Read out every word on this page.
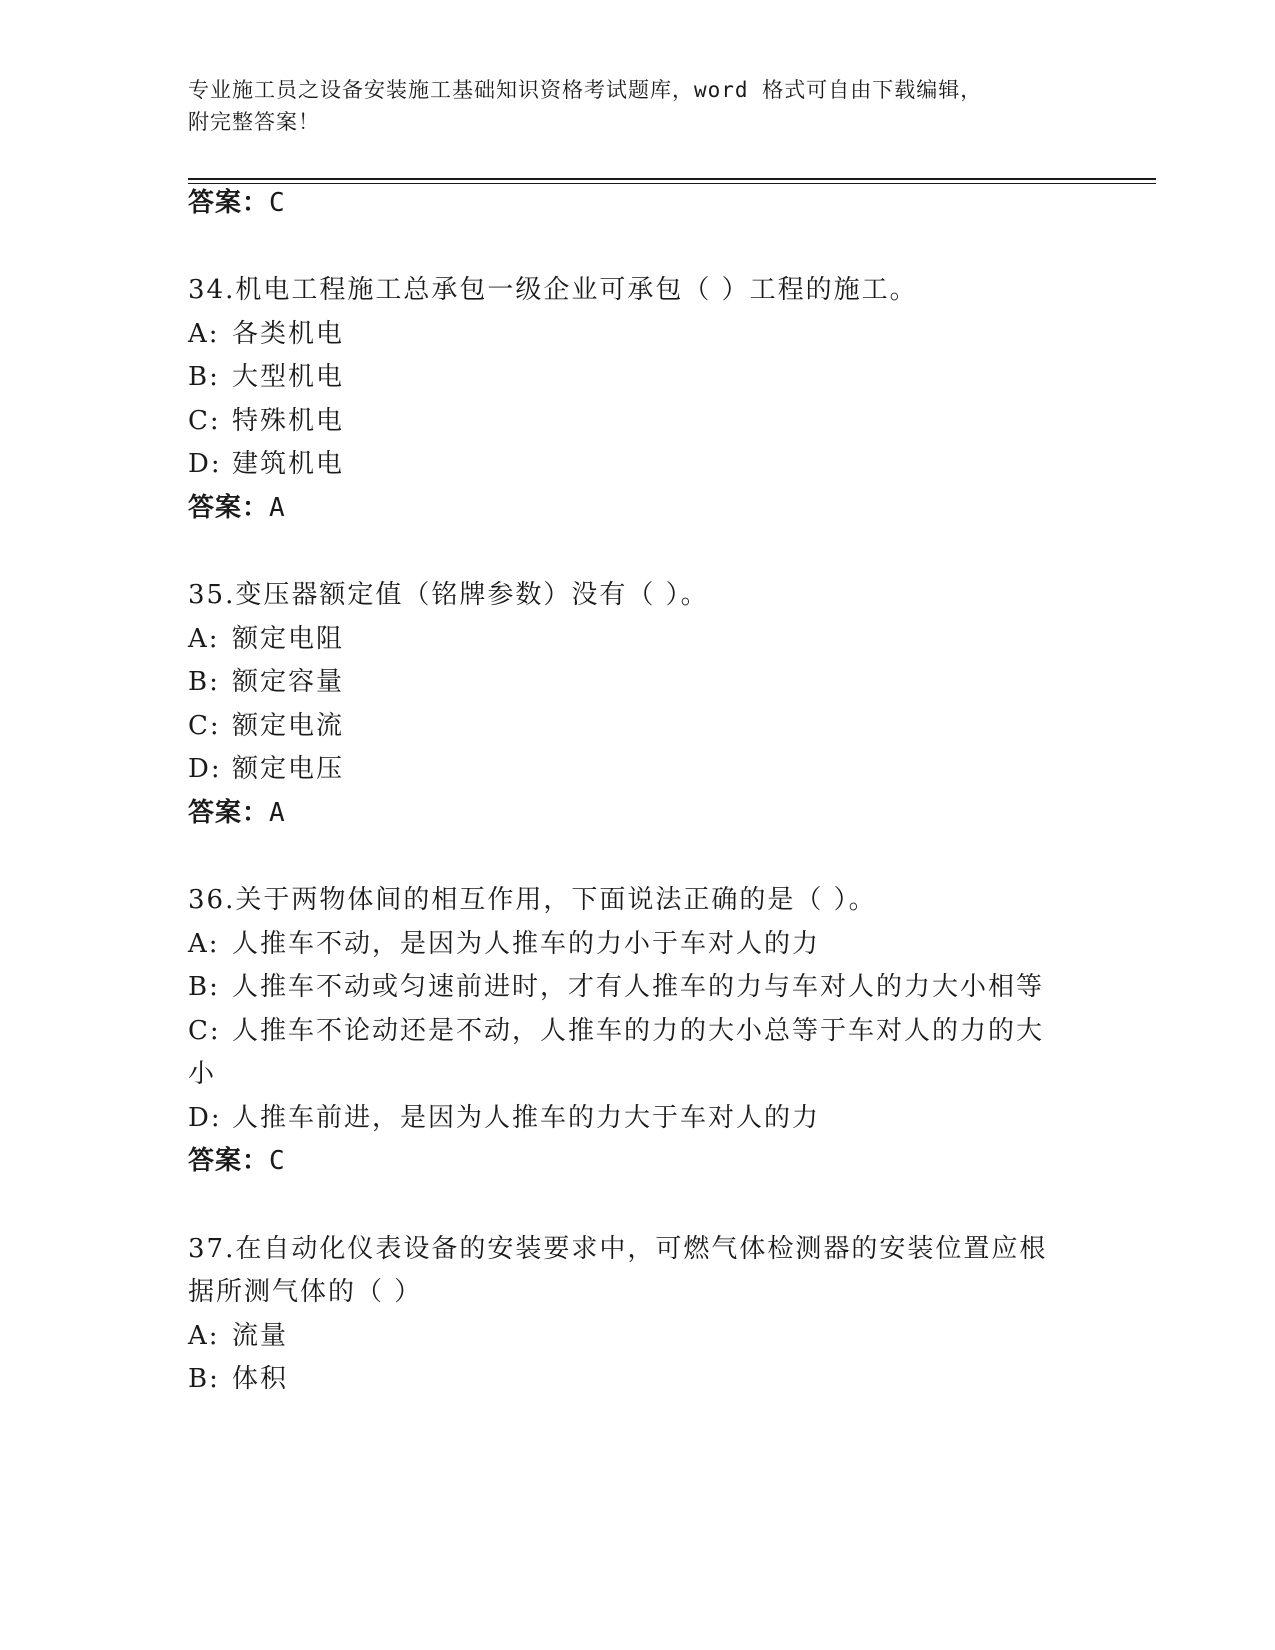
专业施工员之设备安装施工基础知识资格考试题库，word 格式可自由下载编辑，
附完整答案！
答案：C
34.机电工程施工总承包一级企业可承包（ ）工程的施工。
A: 各类机电
B: 大型机电
C: 特殊机电
D: 建筑机电
答案：A
35.变压器额定值（铭牌参数）没有（ ）。
A: 额定电阻
B: 额定容量
C: 额定电流
D: 额定电压
答案：A
36.关于两物体间的相互作用，下面说法正确的是（ ）。
A: 人推车不动，是因为人推车的力小于车对人的力
B: 人推车不动或匀速前进时，才有人推车的力与车对人的力大小相等
C: 人推车不论动还是不动，人推车的力的大小总等于车对人的力的大
小
D: 人推车前进，是因为人推车的力大于车对人的力
答案：C
37.在自动化仪表设备的安装要求中，可燃气体检测器的安装位置应根
据所测气体的（ ）
A: 流量
B: 体积
